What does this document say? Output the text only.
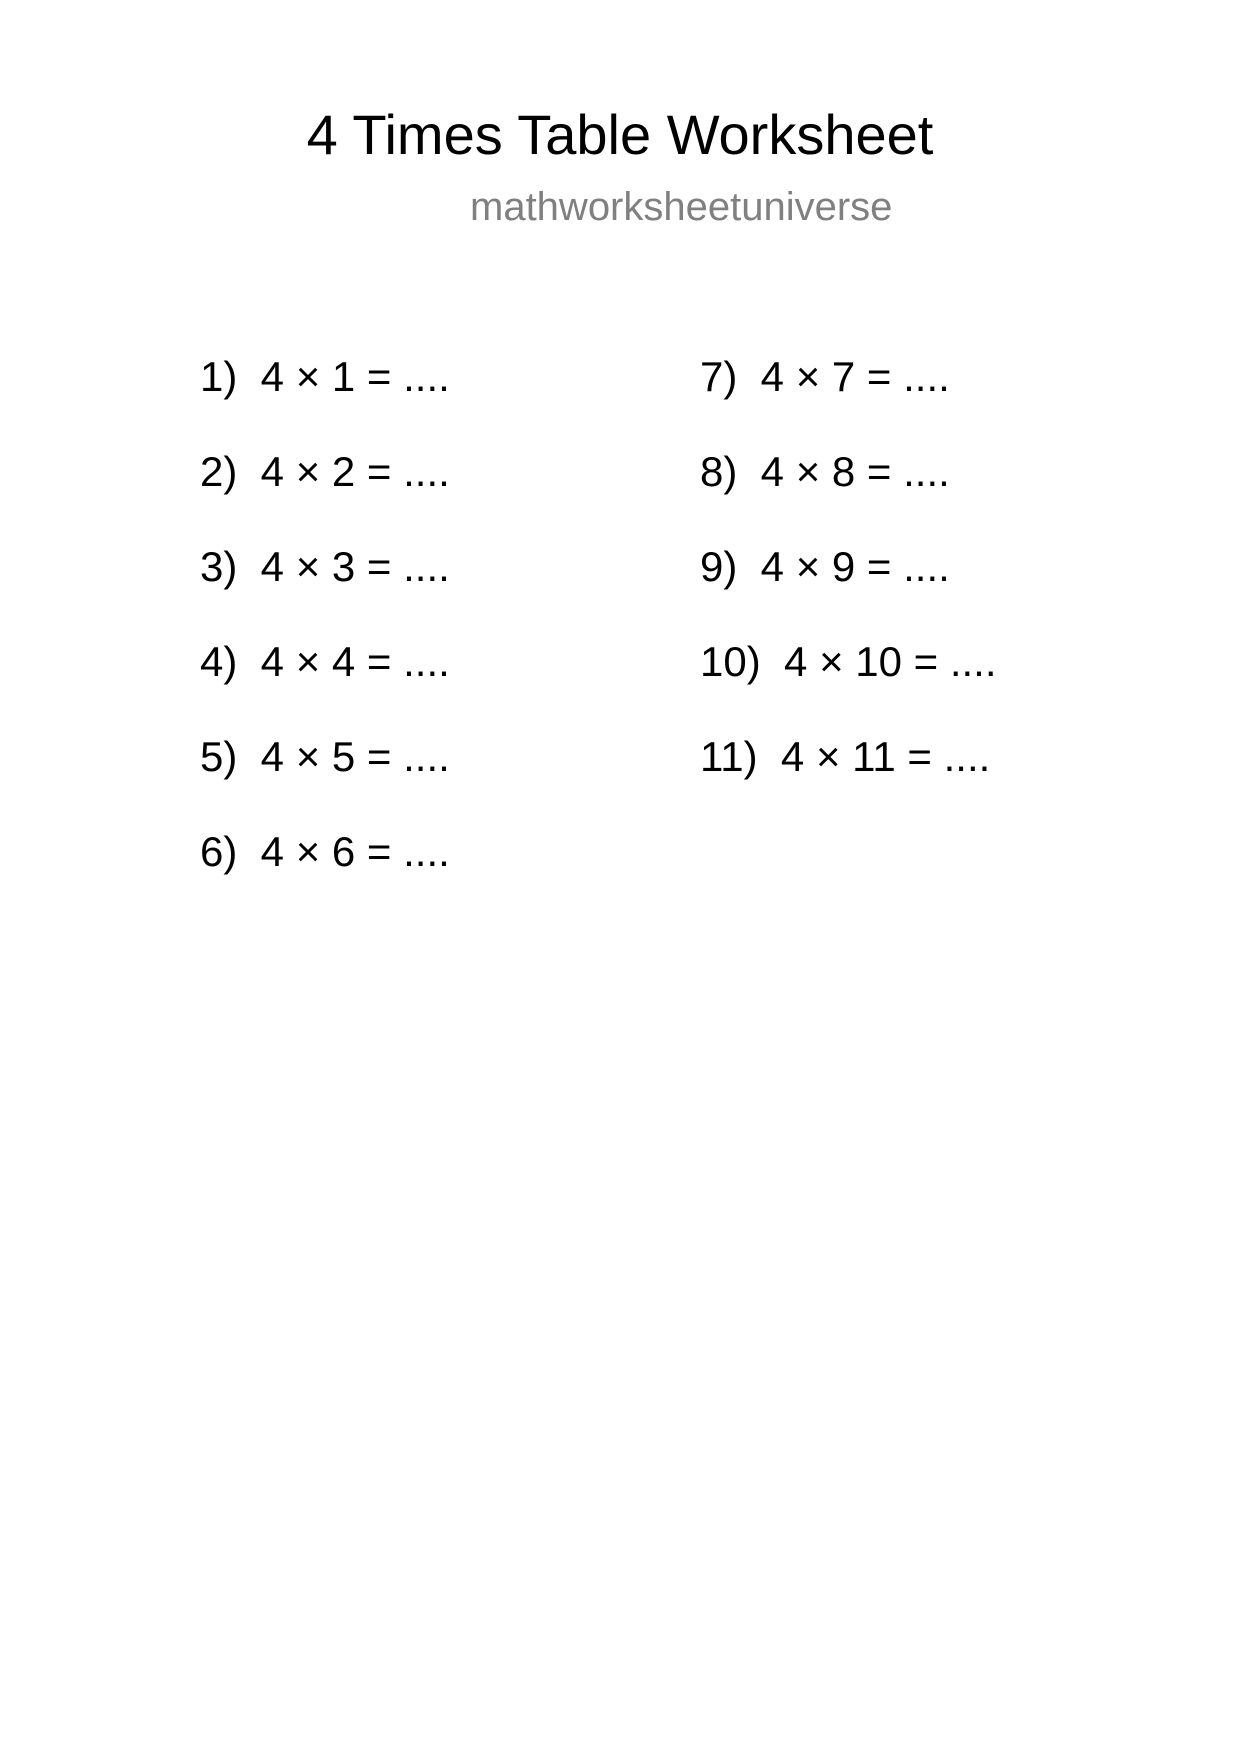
4 Times Table Worksheet
mathworksheetuniverse
1)  4 × 1 = ....
2)  4 × 2 = ....
3)  4 × 3 = ....
4)  4 × 4 = ....
5)  4 × 5 = ....
6)  4 × 6 = ....
7)  4 × 7 = ....
8)  4 × 8 = ....
9)  4 × 9 = ....
10)  4 × 10 = ....
11)  4 × 11 = ....
